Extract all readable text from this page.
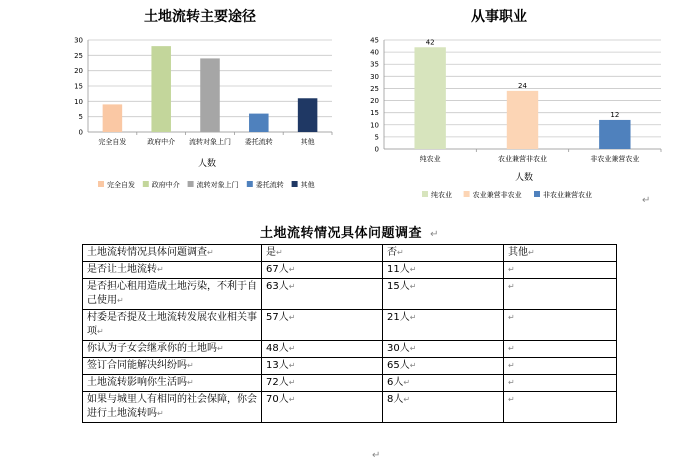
土地流转主要途径
0
5
10
15
20
25
30
完全自发	政府中介 流转对象上门 委托流转	其他
人数
完全自发 政府中介 流转对象上门 委托流转 其他
从事职业
0
5
10
15
20
25
30
35
40
45	42
24
12
纯农业	农业兼营非农业	非农业兼营农业
人数
纯农业	农业兼营非农业	非农业兼营农业	↵
土地流转情况具体问题调查 ↵
土地流转情况具体问题调查↵	是↵	否↵	其他↵
是否让土地流转↵	67人↵	11人↵	↵
是否担心租用造成土地污染，不利于自己使用↵	63人↵	15人↵	↵
村委是否提及土地流转发展农业相关事项↵	57人↵	21人↵	↵
你认为子女会继承你的土地吗↵	48人↵	30人↵	↵
签订合同能解决纠纷吗↵	13人↵	65人↵	↵
土地流转影响你生活吗↵	72人↵	6人↵	↵
如果与城里人有相同的社会保障，你会进行土地流转吗↵	70人↵	8人↵	↵
↵
